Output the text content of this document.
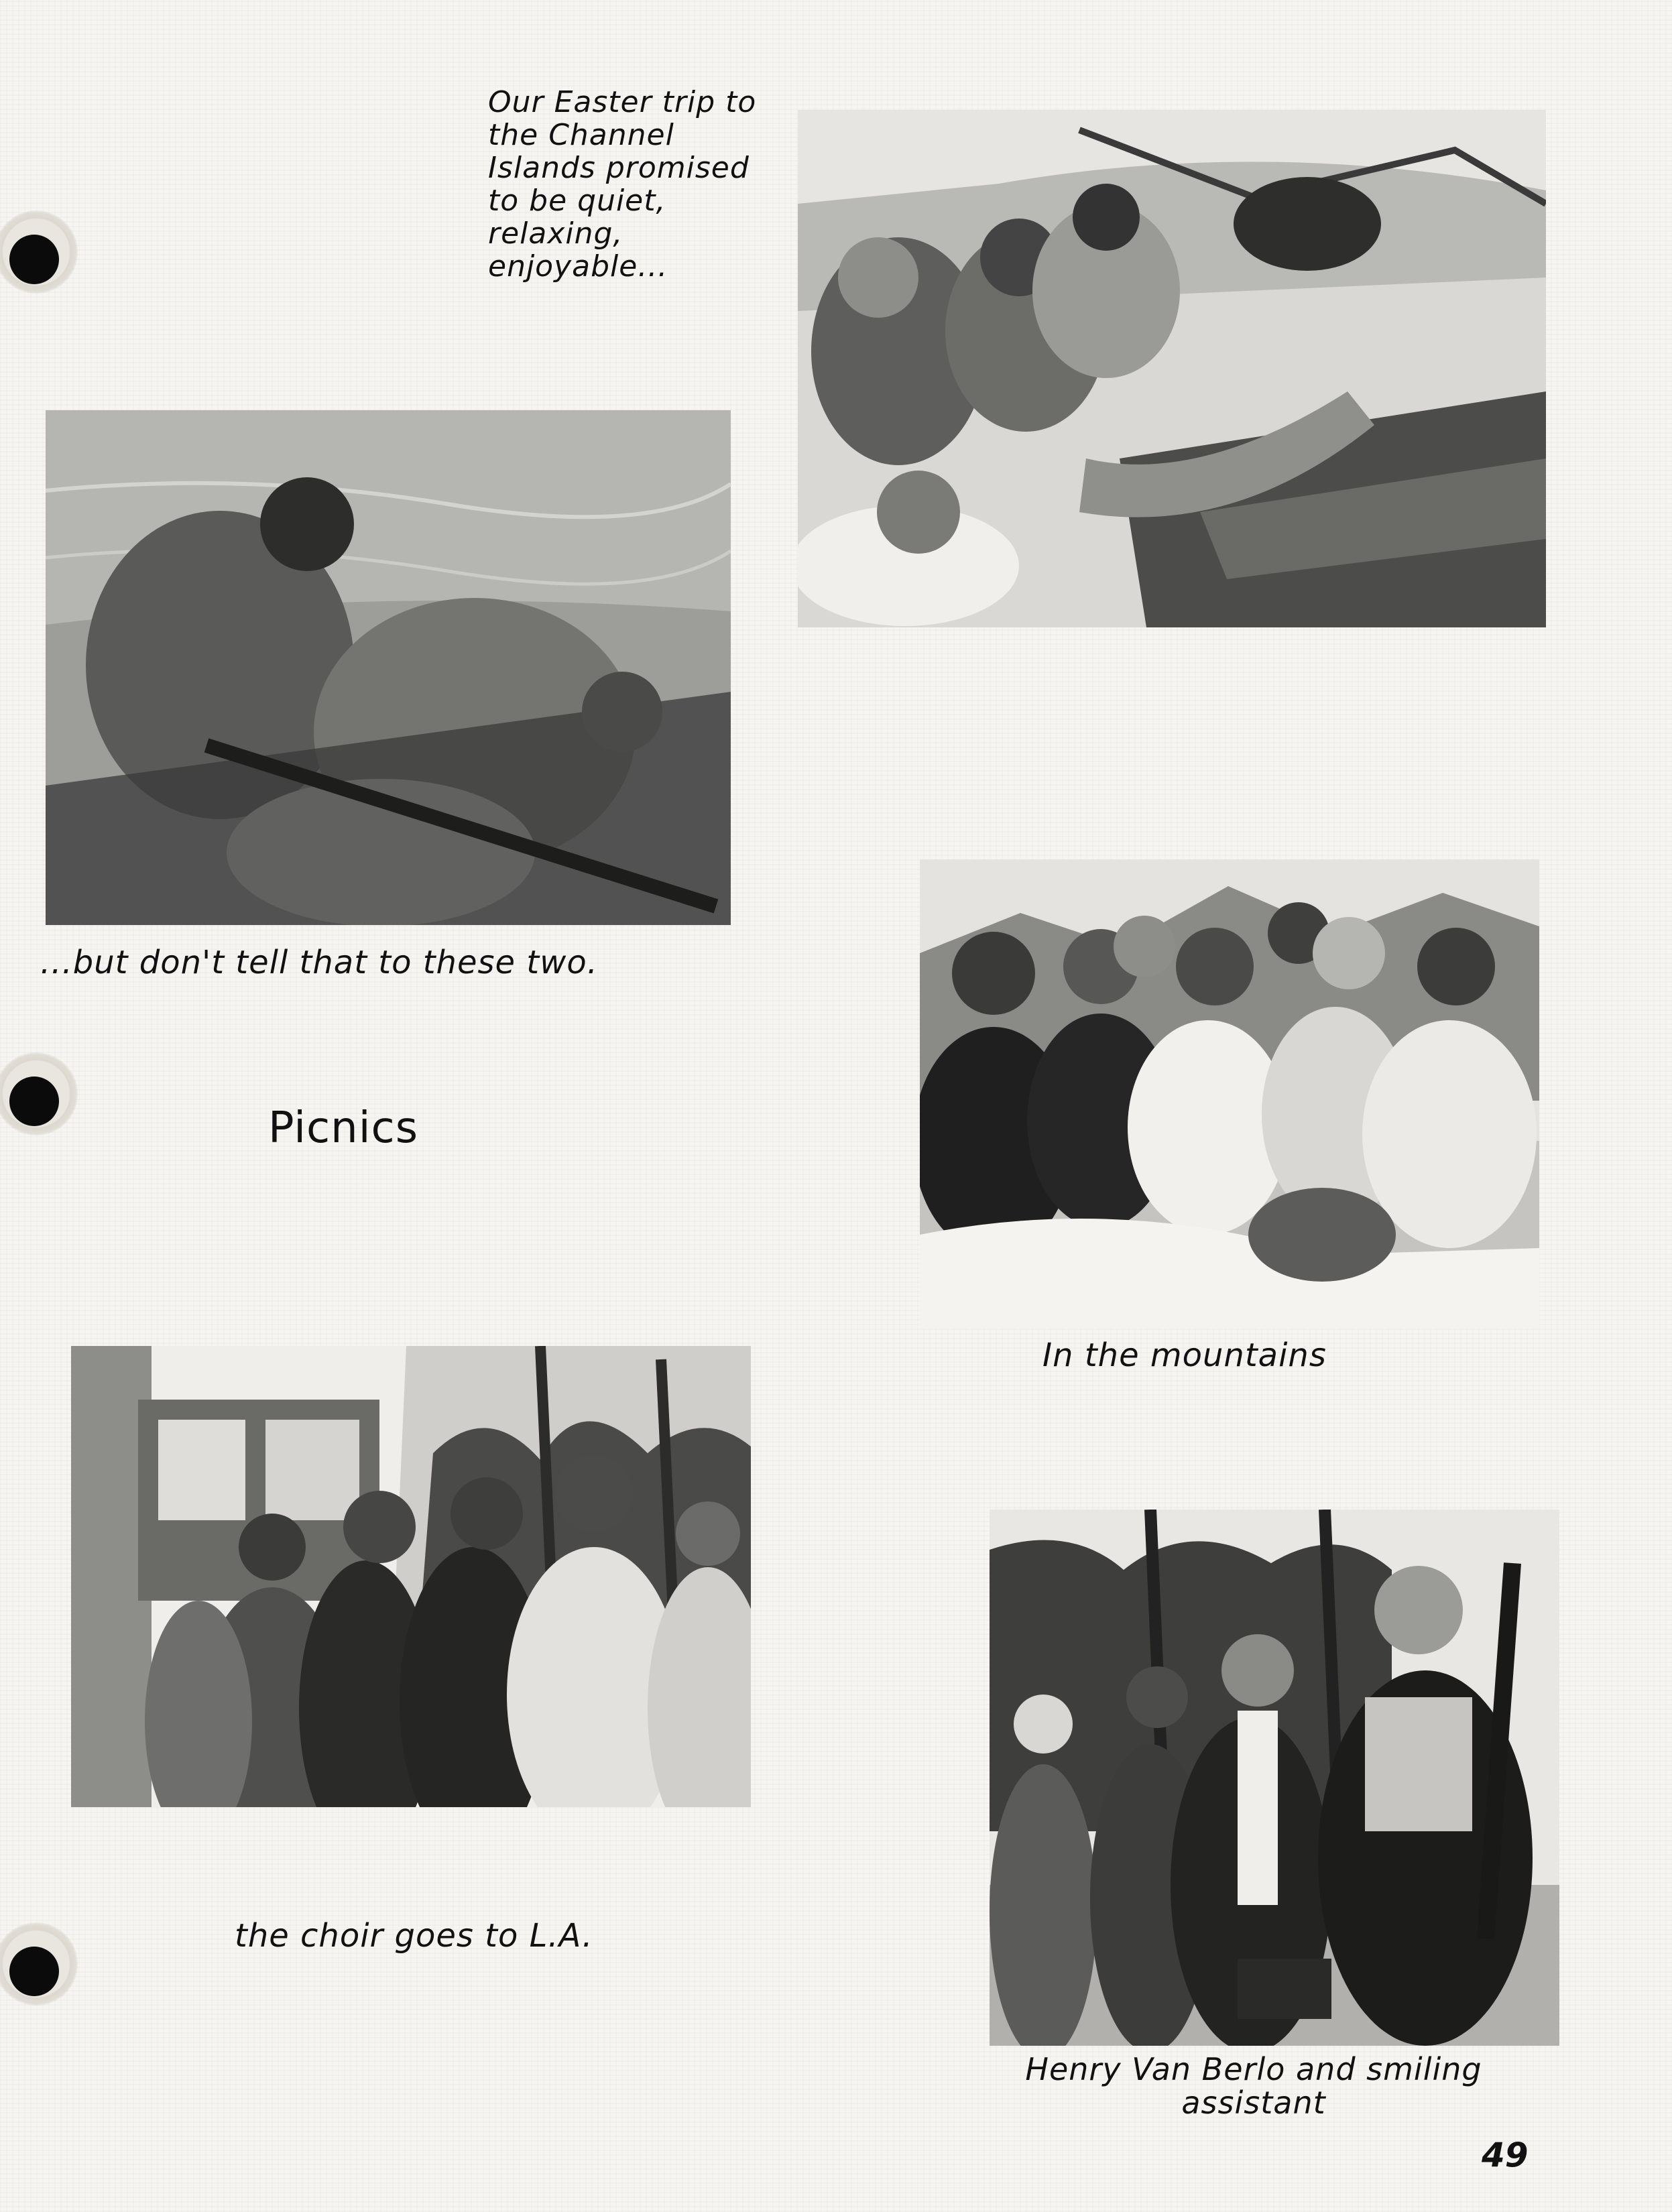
Our Easter trip to the Channel Islands promised to be quiet, relaxing, enjoyable...
...but don't tell that to these two.
Picnics
In the mountains
the choir goes to L.A.
Henry Van Berlo and smiling assistant
49
